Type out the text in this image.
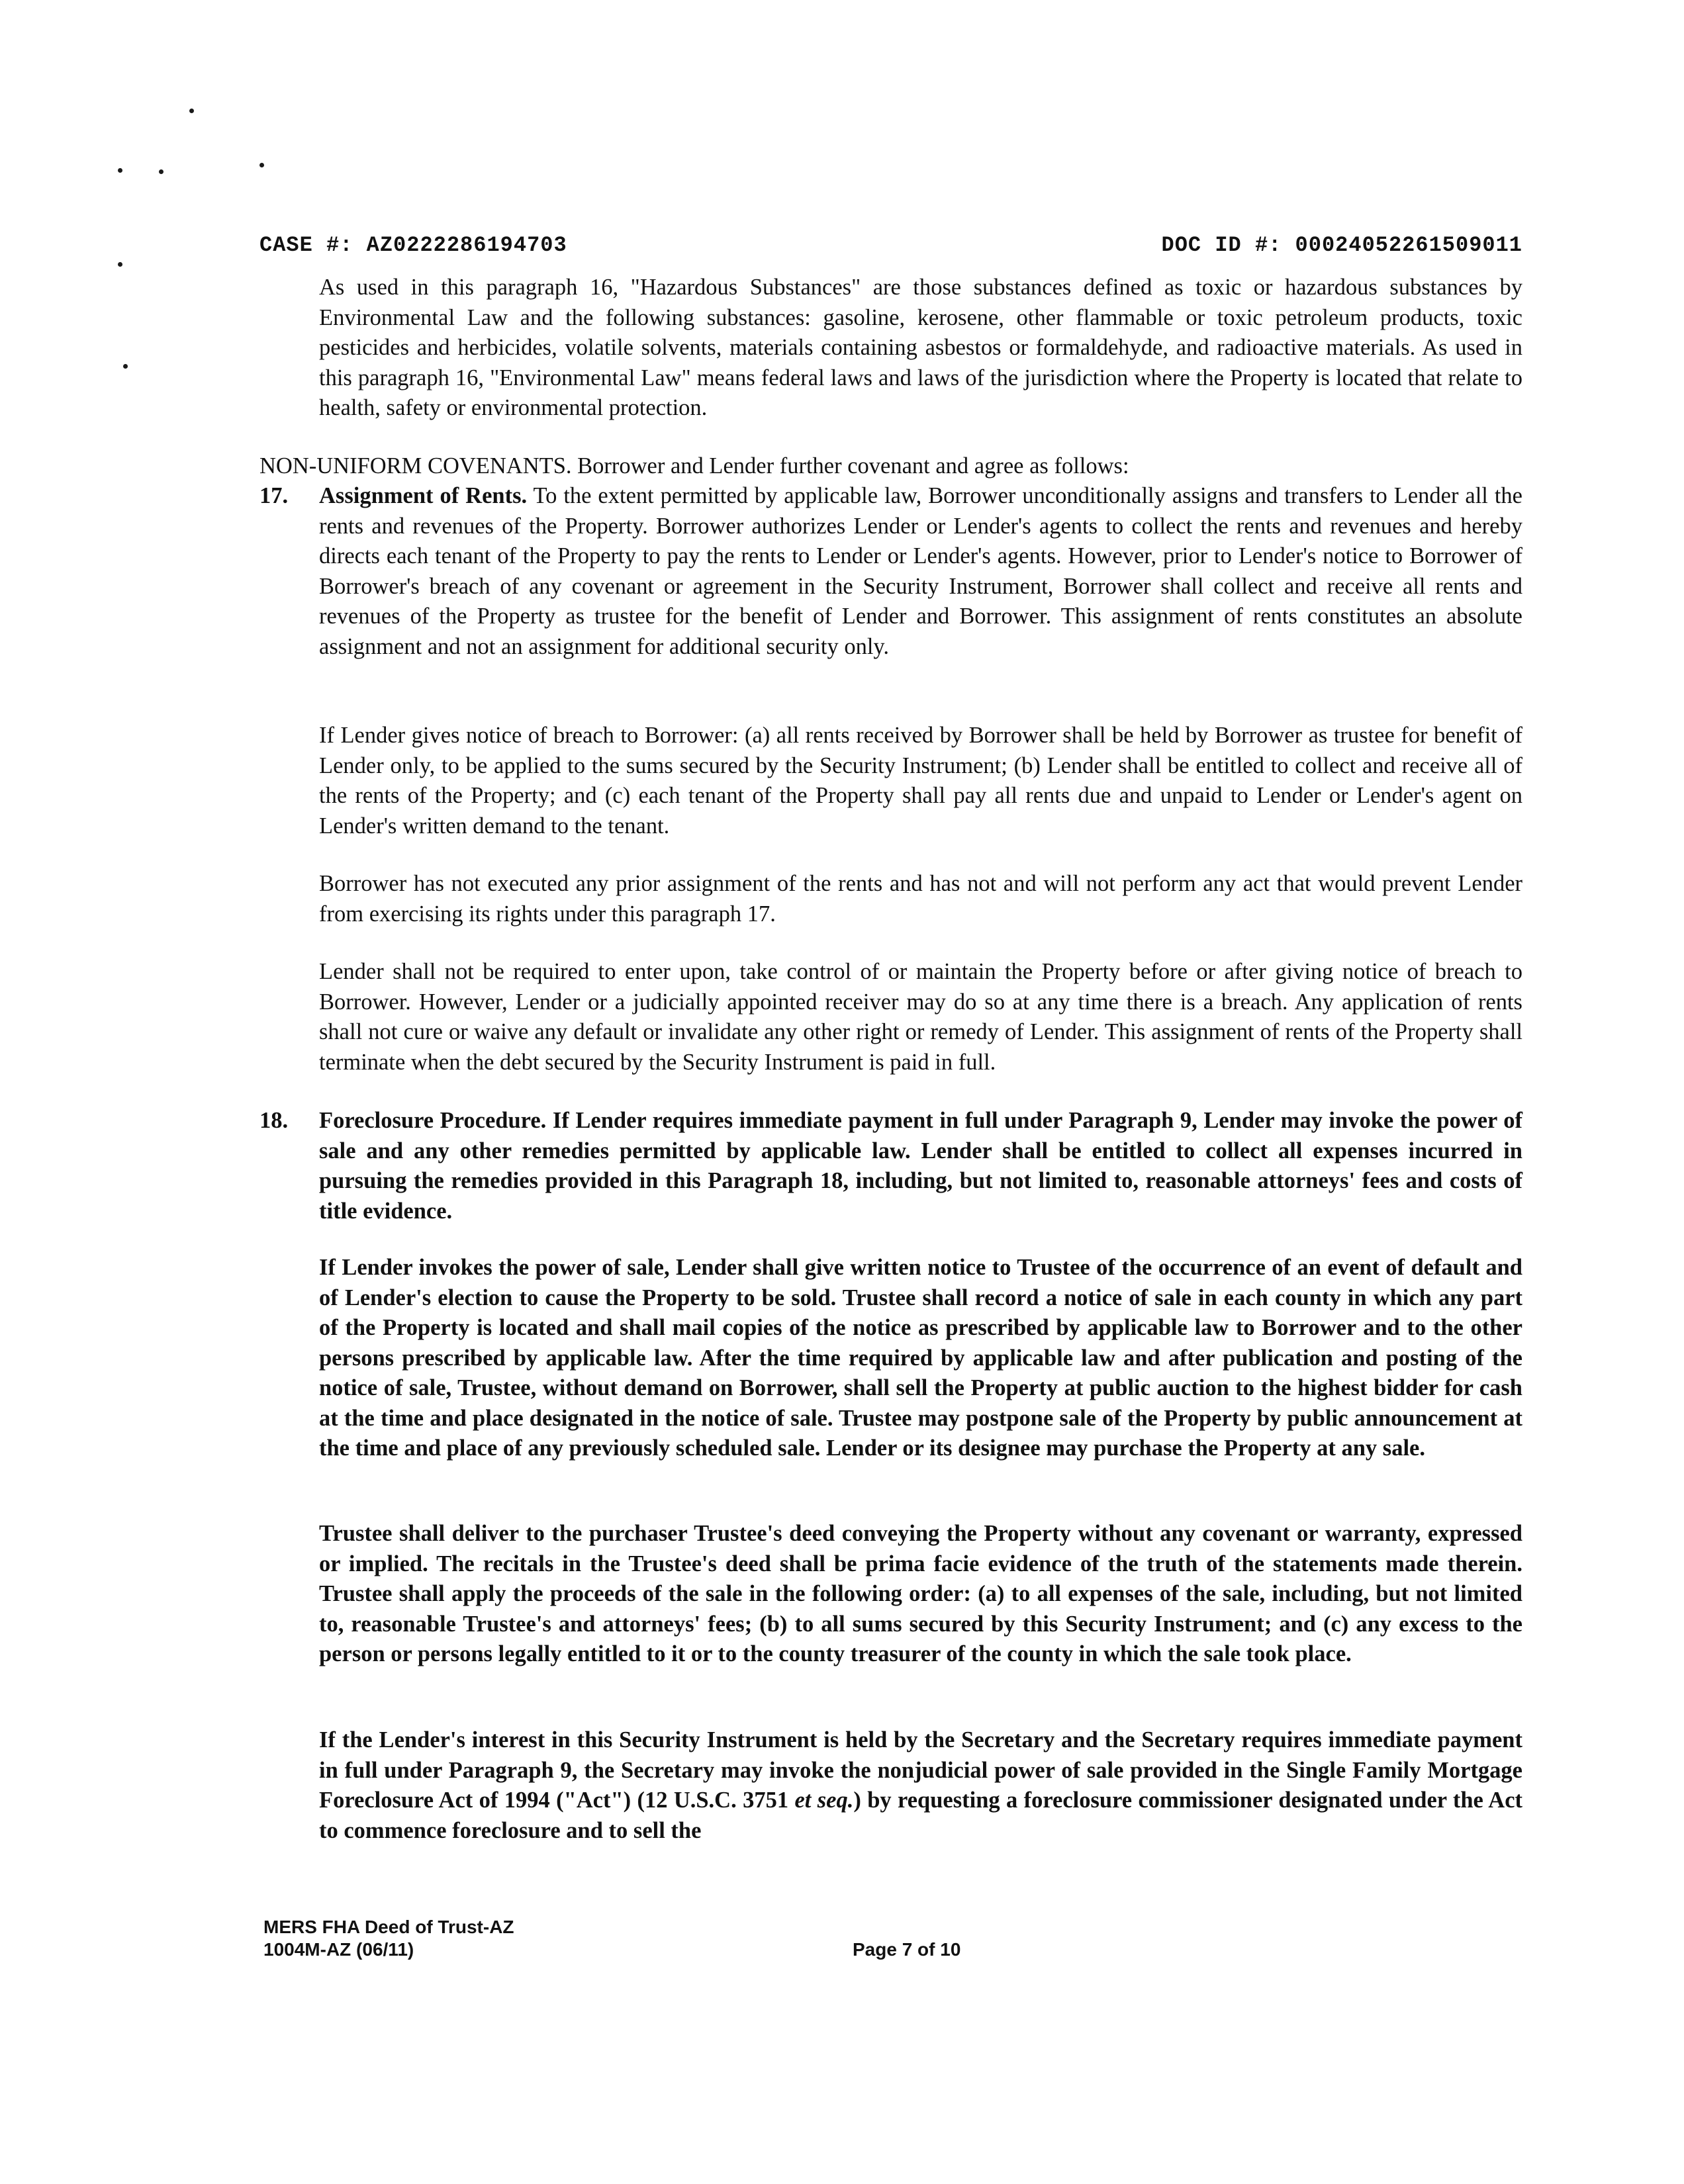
CASE #: AZ0222286194703	DOC ID #: 00024052261509011
As used in this paragraph 16, "Hazardous Substances" are those substances defined as toxic or hazardous substances by Environmental Law and the following substances: gasoline, kerosene, other flammable or toxic petroleum products, toxic pesticides and herbicides, volatile solvents, materials containing asbestos or formaldehyde, and radioactive materials. As used in this paragraph 16, "Environmental Law" means federal laws and laws of the jurisdiction where the Property is located that relate to health, safety or environmental protection.
NON-UNIFORM COVENANTS. Borrower and Lender further covenant and agree as follows:
17.	Assignment of Rents. To the extent permitted by applicable law, Borrower unconditionally assigns and transfers to Lender all the rents and revenues of the Property. Borrower authorizes Lender or Lender's agents to collect the rents and revenues and hereby directs each tenant of the Property to pay the rents to Lender or Lender's agents. However, prior to Lender's notice to Borrower of Borrower's breach of any covenant or agreement in the Security Instrument, Borrower shall collect and receive all rents and revenues of the Property as trustee for the benefit of Lender and Borrower. This assignment of rents constitutes an absolute assignment and not an assignment for additional security only.
If Lender gives notice of breach to Borrower: (a) all rents received by Borrower shall be held by Borrower as trustee for benefit of Lender only, to be applied to the sums secured by the Security Instrument; (b) Lender shall be entitled to collect and receive all of the rents of the Property; and (c) each tenant of the Property shall pay all rents due and unpaid to Lender or Lender's agent on Lender's written demand to the tenant.
Borrower has not executed any prior assignment of the rents and has not and will not perform any act that would prevent Lender from exercising its rights under this paragraph 17.
Lender shall not be required to enter upon, take control of or maintain the Property before or after giving notice of breach to Borrower. However, Lender or a judicially appointed receiver may do so at any time there is a breach. Any application of rents shall not cure or waive any default or invalidate any other right or remedy of Lender. This assignment of rents of the Property shall terminate when the debt secured by the Security Instrument is paid in full.
18.	Foreclosure Procedure. If Lender requires immediate payment in full under Paragraph 9, Lender may invoke the power of sale and any other remedies permitted by applicable law. Lender shall be entitled to collect all expenses incurred in pursuing the remedies provided in this Paragraph 18, including, but not limited to, reasonable attorneys' fees and costs of title evidence.
If Lender invokes the power of sale, Lender shall give written notice to Trustee of the occurrence of an event of default and of Lender's election to cause the Property to be sold. Trustee shall record a notice of sale in each county in which any part of the Property is located and shall mail copies of the notice as prescribed by applicable law to Borrower and to the other persons prescribed by applicable law. After the time required by applicable law and after publication and posting of the notice of sale, Trustee, without demand on Borrower, shall sell the Property at public auction to the highest bidder for cash at the time and place designated in the notice of sale. Trustee may postpone sale of the Property by public announcement at the time and place of any previously scheduled sale. Lender or its designee may purchase the Property at any sale.
Trustee shall deliver to the purchaser Trustee's deed conveying the Property without any covenant or warranty, expressed or implied. The recitals in the Trustee's deed shall be prima facie evidence of the truth of the statements made therein. Trustee shall apply the proceeds of the sale in the following order: (a) to all expenses of the sale, including, but not limited to, reasonable Trustee's and attorneys' fees; (b) to all sums secured by this Security Instrument; and (c) any excess to the person or persons legally entitled to it or to the county treasurer of the county in which the sale took place.
If the Lender's interest in this Security Instrument is held by the Secretary and the Secretary requires immediate payment in full under Paragraph 9, the Secretary may invoke the nonjudicial power of sale provided in the Single Family Mortgage Foreclosure Act of 1994 ("Act") (12 U.S.C. 3751 et seq.) by requesting a foreclosure commissioner designated under the Act to commence foreclosure and to sell the
MERS FHA Deed of Trust-AZ
1004M-AZ (06/11)	Page 7 of 10
